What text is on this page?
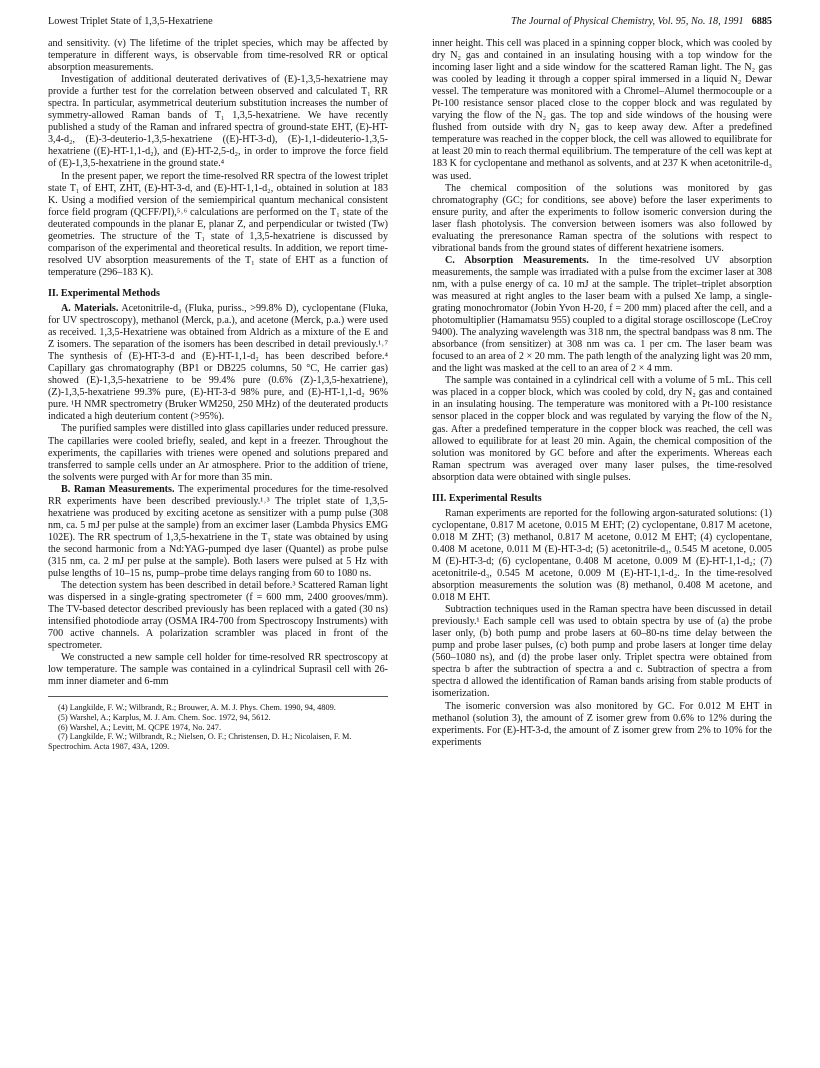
Lowest Triplet State of 1,3,5-Hexatriene	The Journal of Physical Chemistry, Vol. 95, No. 18, 1991 6885

and sensitivity. (v) The lifetime of the triplet species, which may be affected by temperature in different ways, is observable from time-resolved RR or optical absorption measurements.

Investigation of additional deuterated derivatives of (E)-1,3,5-hexatriene may provide a further test for the correlation between observed and calculated T₁ RR spectra. In particular, asymmetrical deuterium substitution increases the number of symmetry-allowed Raman bands of T₁ 1,3,5-hexatriene. We have recently published a study of the Raman and infrared spectra of ground-state EHT, (E)-HT-3,4-d₂, (E)-3-deuterio-1,3,5-hexatriene ((E)-HT-3-d), (E)-1,1-dideuterio-1,3,5-hexatriene ((E)-HT-1,1-d₂), and (E)-HT-2,5-d₂, in order to improve the force field of (E)-1,3,5-hexatriene in the ground state.⁴

In the present paper, we report the time-resolved RR spectra of the lowest triplet state T₁ of EHT, ZHT, (E)-HT-3-d, and (E)-HT-1,1-d₂, obtained in solution at 183 K. Using a modified version of the semiempirical quantum mechanical consistent force field program (QCFF/PI),⁵˒⁶ calculations are performed on the T₁ state of the deuterated compounds in the planar E, planar Z, and perpendicular or twisted (Tw) geometries. The structure of the T₁ state of 1,3,5-hexatriene is discussed by comparison of the experimental and theoretical results. In addition, we report time-resolved UV absorption measurements of the T₁ state of EHT as a function of temperature (296–183 K).

II. Experimental Methods

A. Materials. Acetonitrile-d₃ (Fluka, puriss., >99.8% D), cyclopentane (Fluka, for UV spectroscopy), methanol (Merck, p.a.), and acetone (Merck, p.a.) were used as received. 1,3,5-Hexatriene was obtained from Aldrich as a mixture of the E and Z isomers. The separation of the isomers has been described in detail previously.¹˒⁷ The synthesis of (E)-HT-3-d and (E)-HT-1,1-d₂ has been described before.⁴ Capillary gas chromatography (BP1 or DB225 columns, 50 °C, He carrier gas) showed (E)-1,3,5-hexatriene to be 99.4% pure (0.6% (Z)-1,3,5-hexatriene), (Z)-1,3,5-hexatriene 99.3% pure, (E)-HT-3-d 98% pure, and (E)-HT-1,1-d₂ 96% pure. ¹H NMR spectrometry (Bruker WM250, 250 MHz) of the deuterated products indicated a high deuterium content (>95%).

The purified samples were distilled into glass capillaries under reduced pressure. The capillaries were cooled briefly, sealed, and kept in a freezer. Throughout the experiments, the capillaries with trienes were opened and solutions prepared and transferred to sample cells under an Ar atmosphere. Prior to the addition of triene, the solvents were purged with Ar for more than 35 min.

B. Raman Measurements. The experimental procedures for the time-resolved RR experiments have been described previously.¹˒³ The triplet state of 1,3,5-hexatriene was produced by exciting acetone as sensitizer with a pump pulse (308 nm, ca. 5 mJ per pulse at the sample) from an excimer laser (Lambda Physics EMG 102E). The RR spectrum of 1,3,5-hexatriene in the T₁ state was obtained by using the second harmonic from a Nd:YAG-pumped dye laser (Quantel) as probe pulse (315 nm, ca. 2 mJ per pulse at the sample). Both lasers were pulsed at 5 Hz with pulse lengths of 10–15 ns, pump–probe time delays ranging from 60 to 1080 ns.

The detection system has been described in detail before.³ Scattered Raman light was dispersed in a single-grating spectrometer (f = 600 mm, 2400 grooves/mm). The TV-based detector described previously has been replaced with a gated (30 ns) intensified photodiode array (OSMA IR4-700 from Spectroscopy Instruments) with 700 active channels. A polarization scrambler was placed in front of the spectrometer.

We constructed a new sample cell holder for time-resolved RR spectroscopy at low temperature. The sample was contained in a cylindrical Suprasil cell with 26-mm inner diameter and 6-mm

(4) Langkilde, F. W.; Wilbrandt, R.; Brouwer, A. M. J. Phys. Chem. 1990, 94, 4809.
(5) Warshel, A.; Karplus, M. J. Am. Chem. Soc. 1972, 94, 5612.
(6) Warshel, A.; Levitt, M. QCPE 1974, No. 247.
(7) Langkilde, F. W.; Wilbrandt, R.; Nielsen, O. F.; Christensen, D. H.; Nicolaisen, F. M. Spectrochim. Acta 1987, 43A, 1209.

inner height. This cell was placed in a spinning copper block, which was cooled by dry N₂ gas and contained in an insulating housing with a top window for the incoming laser light and a side window for the scattered Raman light. The N₂ gas was cooled by leading it through a copper spiral immersed in a liquid N₂ Dewar vessel. The temperature was monitored with a Chromel–Alumel thermocouple or a Pt-100 resistance sensor placed close to the copper block and was regulated by varying the flow of the N₂ gas. The top and side windows of the housing were flushed from outside with dry N₂ gas to keep away dew. After a predefined temperature was reached in the copper block, the cell was allowed to equilibrate for at least 20 min to reach thermal equilibrium. The temperature of the cell was kept at 183 K for cyclopentane and methanol as solvents, and at 237 K when acetonitrile-d₃ was used.

The chemical composition of the solutions was monitored by gas chromatography (GC; for conditions, see above) before the laser experiments to ensure purity, and after the experiments to follow isomeric conversion during the laser flash photolysis. The conversion between isomers was also followed by evaluating the preresonance Raman spectra of the solutions with respect to vibrational bands from the ground states of different hexatriene isomers.

C. Absorption Measurements. In the time-resolved UV absorption measurements, the sample was irradiated with a pulse from the excimer laser at 308 nm, with a pulse energy of ca. 10 mJ at the sample. The triplet–triplet absorption was measured at right angles to the laser beam with a pulsed Xe lamp, a single-grating monochromator (Jobin Yvon H-20, f = 200 mm) placed after the cell, and a photomultiplier (Hamamatsu 955) coupled to a digital storage oscilloscope (LeCroy 9400). The analyzing wavelength was 318 nm, the spectral bandpass was 8 nm. The absorbance (from sensitizer) at 308 nm was ca. 1 per cm. The laser beam was focused to an area of 2 × 20 mm. The path length of the analyzing light was 20 mm, and the light was masked at the cell to an area of 2 × 4 mm.

The sample was contained in a cylindrical cell with a volume of 5 mL. This cell was placed in a copper block, which was cooled by cold, dry N₂ gas and contained in an insulating housing. The temperature was monitored with a Pt-100 resistance sensor placed in the copper block and was regulated by varying the flow of the N₂ gas. After a predefined temperature in the copper block was reached, the cell was allowed to equilibrate for at least 20 min. Again, the chemical composition of the solution was monitored by GC before and after the experiments. Whereas each Raman spectrum was averaged over many laser pulses, the time-resolved absorption data were obtained with single pulses.

III. Experimental Results

Raman experiments are reported for the following argon-saturated solutions: (1) cyclopentane, 0.817 M acetone, 0.015 M EHT; (2) cyclopentane, 0.817 M acetone, 0.018 M ZHT; (3) methanol, 0.817 M acetone, 0.012 M EHT; (4) cyclopentane, 0.408 M acetone, 0.011 M (E)-HT-3-d; (5) acetonitrile-d₃, 0.545 M acetone, 0.005 M (E)-HT-3-d; (6) cyclopentane, 0.408 M acetone, 0.009 M (E)-HT-1,1-d₂; (7) acetonitrile-d₃, 0.545 M acetone, 0.009 M (E)-HT-1,1-d₂. In the time-resolved absorption measurements the solution was (8) methanol, 0.408 M acetone, and 0.018 M EHT.

Subtraction techniques used in the Raman spectra have been discussed in detail previously.¹ Each sample cell was used to obtain spectra by use of (a) the probe laser only, (b) both pump and probe lasers at 60–80-ns time delay between the pump and probe laser pulses, (c) both pump and probe lasers at longer time delay (560–1080 ns), and (d) the probe laser only. Triplet spectra were obtained from spectra b after the subtraction of spectra a and c. Subtraction of spectra a from spectra d allowed the identification of Raman bands arising from stable products of isomerization.

The isomeric conversion was also monitored by GC. For 0.012 M EHT in methanol (solution 3), the amount of Z isomer grew from 0.6% to 12% during the experiments. For (E)-HT-3-d, the amount of Z isomer grew from 2% to 10% for the experiments
